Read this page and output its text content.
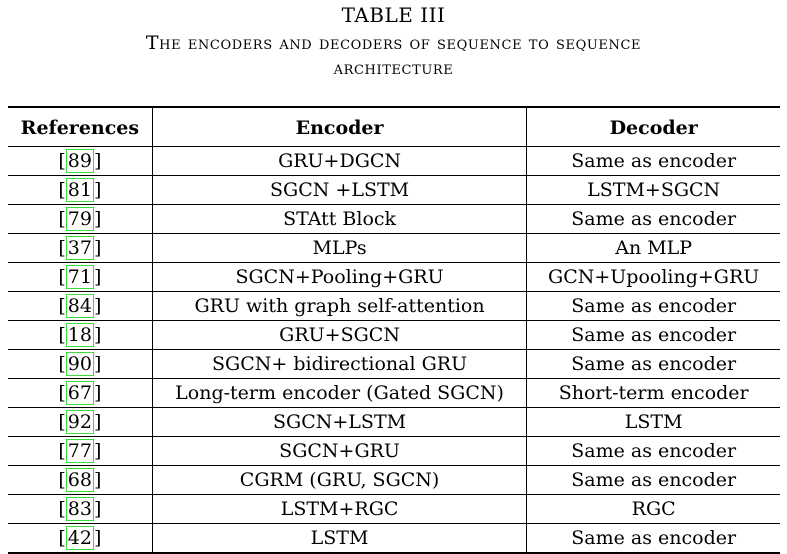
TABLE III
The encoders and decoders of sequence to sequence
architecture
References	Encoder	Decoder
[ 89 ]	GRU+DGCN	Same as encoder
[ 81 ]	SGCN +LSTM	LSTM+SGCN
[ 79 ]	STAtt Block	Same as encoder
[ 37 ]	MLPs	An MLP
[ 71 ]	SGCN+Pooling+GRU	GCN+Upooling+GRU
[ 84 ]	GRU with graph self-attention	Same as encoder
[ 18 ]	GRU+SGCN	Same as encoder
[ 90 ]	SGCN+ bidirectional GRU	Same as encoder
[ 67 ]	Long-term encoder (Gated SGCN)	Short-term encoder
[ 92 ]	SGCN+LSTM	LSTM
[ 77 ]	SGCN+GRU	Same as encoder
[ 68 ]	CGRM (GRU, SGCN)	Same as encoder
[ 83 ]	LSTM+RGC	RGC
[ 42 ]	LSTM	Same as encoder
